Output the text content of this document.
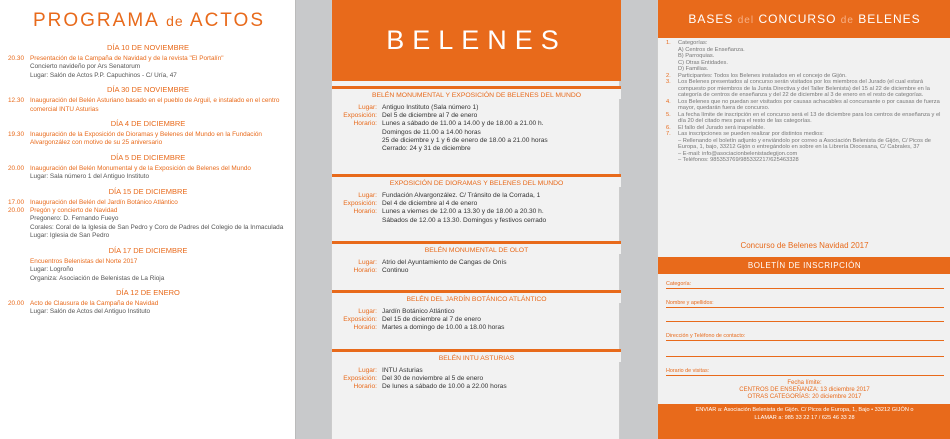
PROGRAMA de ACTOS
DÍA 10 DE NOVIEMBRE
20.30 Presentación de la Campaña de Navidad y de la revista "El Portalín"
Concierto navideño por Ars Senatorum
Lugar: Salón de Actos P.P. Capuchinos - C/ Uría, 47
DÍA 30 DE NOVIEMBRE
12.30 Inauguración del Belén Asturiano basado en el pueblo de Arguil, e instalado en el centro comercial INTU Asturias
DÍA 4 DE DICIEMBRE
19.30 Inauguración de la Exposición de Dioramas y Belenes del Mundo en la Fundación Alvargonzález con motivo de su 25 aniversario
DÍA 5 DE DICIEMBRE
20.00 Inauguración del Belén Monumental y de la Exposición de Belenes del Mundo
Lugar: Sala número 1 del Antiguo Instituto
DÍA 15 DE DICIEMBRE
17.00 Inauguración del Belén del Jardín Botánico Atlántico
20.00 Pregón y concierto de Navidad
Pregonero: D. Fernando Fueyo
Corales: Coral de la Iglesia de San Pedro y Coro de Padres del Colegio de la Inmaculada
Lugar: Iglesia de San Pedro
DÍA 17 DE DICIEMBRE
Encuentros Belenistas del Norte 2017
Lugar: Logroño
Organiza: Asociación de Belenistas de La Rioja
DÍA 12 DE ENERO
20.00 Acto de Clausura de la Campaña de Navidad
Lugar: Salón de Actos del Antiguo Instituto
BELENES
BELÉN MONUMENTAL Y EXPOSICIÓN DE BELENES DEL MUNDO
Lugar: Antiguo Instituto (Sala número 1)
Exposición: Del 5 de diciembre al 7 de enero
Horario: Lunes a sábado de 11.00 a 14.00 y de 18.00 a 21.00 h.
Domingos de 11.00 a 14.00 horas
25 de diciembre y 1 y 6 de enero de 18.00 a 21.00 horas
Cerrado: 24 y 31 de diciembre
EXPOSICIÓN DE DIORAMAS Y BELENES DEL MUNDO
Lugar: Fundación Alvargonzález. C/ Tránsito de la Corrada, 1
Exposición: Del 4 de diciembre al 4 de enero
Horario: Lunes a viernes de 12.00 a 13.30 y de 18.00 a 20.30 h.
Sábados de 12.00 a 13.30. Domingos y festivos cerrado
BELÉN MONUMENTAL DE OLOT
Lugar: Atrio del Ayuntamiento de Cangas de Onís
Horario: Continuo
BELÉN DEL JARDÍN BOTÁNICO ATLÁNTICO
Lugar: Jardín Botánico Atlántico
Exposición: Del 15 de diciembre al 7 de enero
Horario: Martes a domingo de 10.00 a 18.00 horas
BELÉN INTU ASTURIAS
Lugar: INTU Asturias
Exposición: Del 30 de noviembre al 5 de enero
Horario: De lunes a sábado de 10.00 a 22.00 horas
BASES del CONCURSO de BELENES
1.	Categorías:
A) Centros de Enseñanza.
B) Parroquias.
C) Otras Entidades.
D) Familias.
2.	Participantes: Todos los Belenes instalados en el concejo de Gijón.
3.	Los Belenes presentados al concurso serán visitados por los miembros del Jurado (el cual estará compuesto por miembros de la Junta Directiva y del Taller Belenista) del 15 al 22 de diciembre en la categoría de centros de enseñanza y del 22 de diciembre al 3 de enero en el resto de categorías.
4.	Los Belenes que no puedan ser visitados por causas achacables al concursante o por causas de fuerza mayor, quedarán fuera de concurso.
5.	La fecha límite de inscripción en el concurso será el 13 de diciembre para los centros de enseñanza y el día 20 del citado mes para el resto de las categorías.
6.	El fallo del Jurado será inapelable.
7.	Las inscripciones se pueden realizar por distintos medios:
– Rellenando el boletín adjunto y enviándolo por correo a Asociación Belenista de Gijón, C/ Picos de Europa, 1, bajo, 33212 Gijón o entregándolo en sobre en la Librería Diocesana, C/ Cabrales, 37
– E-mail: info@asociacionbelenistadegijon.com
– Teléfonos: 985353769/985332217/625463328
Concurso de Belenes Navidad 2017
BOLETÍN DE INSCRIPCIÓN
Categoría:
Nombre y apellidos:
Dirección y Teléfono de contacto:
Horario de visitas:
Fecha límite:
CENTROS DE ENSEÑANZA: 13 diciembre 2017
OTRAS CATEGORÍAS: 20 diciembre 2017
ENVIAR a: Asociación Belenista de Gijón. C/ Picos de Europa, 1, Bajo • 33212 GIJÓN o
LLAMAR a: 985 33 22 17 / 625 46 33 28
